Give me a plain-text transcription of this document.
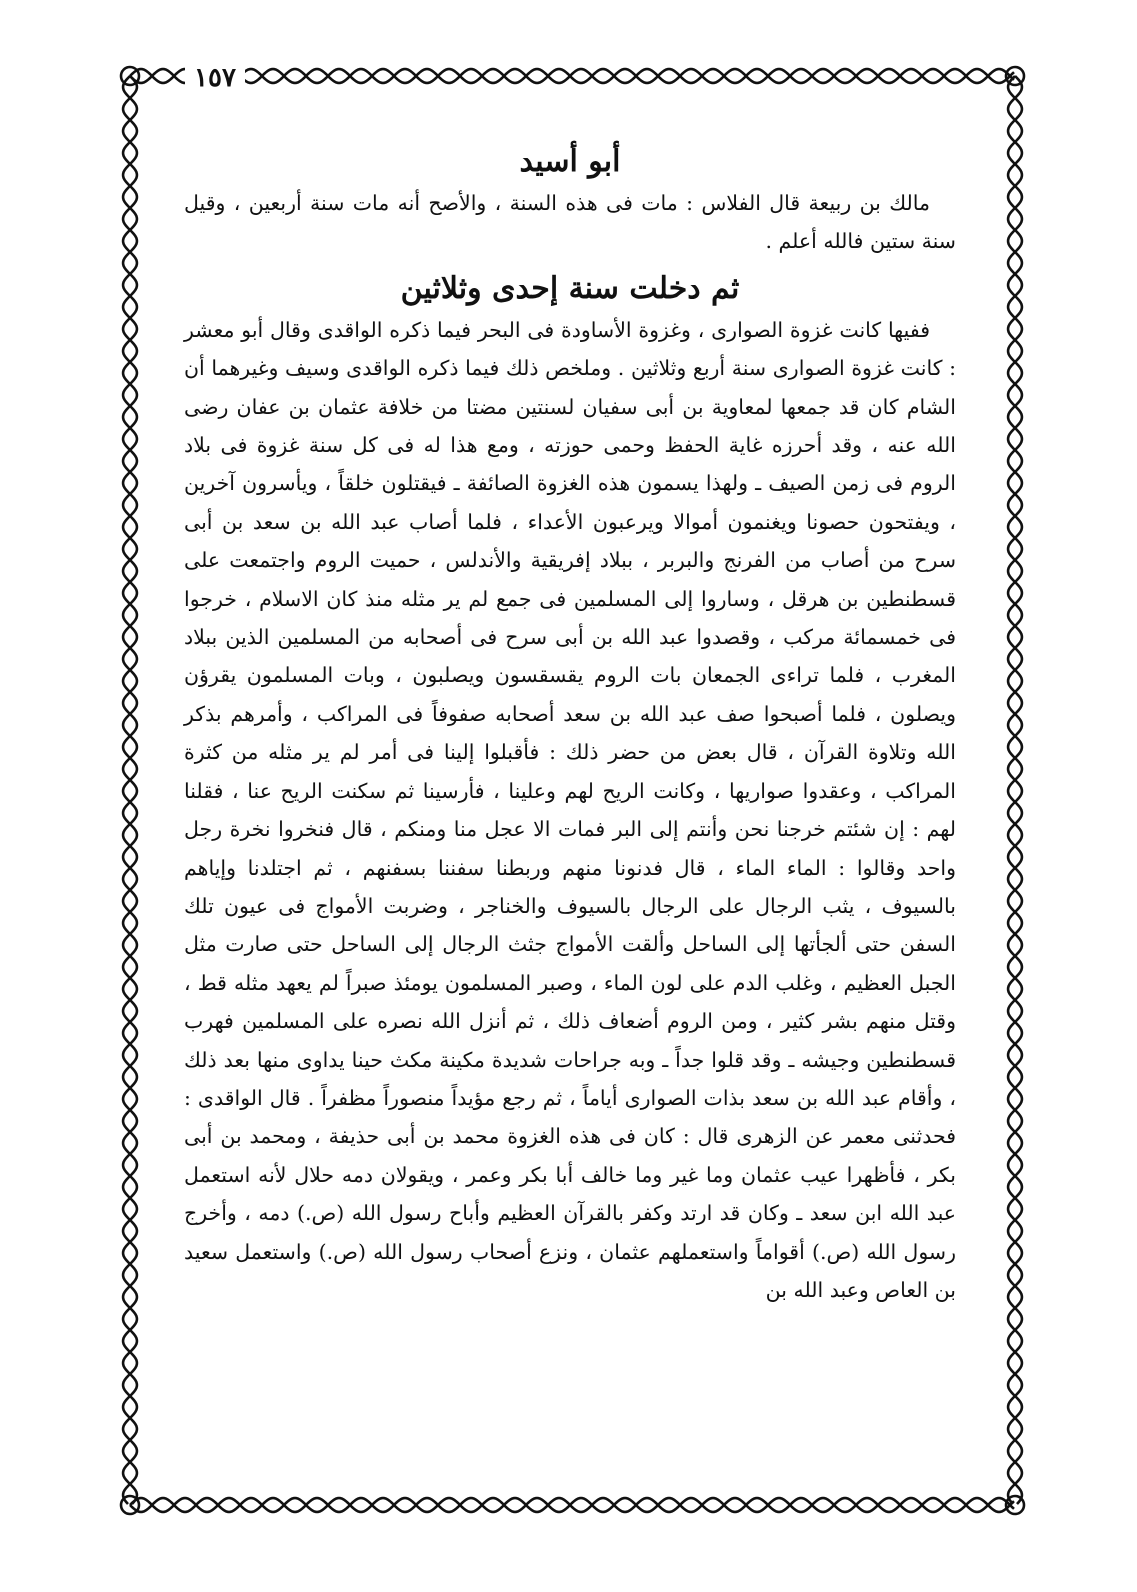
١٥٧
أبو أسيد

مالك بن ربيعة قال الفلاس : مات فى هذه السنة ، والأصح أنه مات سنة أربعين ، وقيل سنة ستين فالله أعلم .

ثم دخلت سنة إحدى وثلاثين

ففيها كانت غزوة الصوارى ، وغزوة الأساودة فى البحر فيما ذكره الواقدى وقال أبو معشر : كانت غزوة الصوارى سنة أربع وثلاثين . وملخص ذلك فيما ذكره الواقدى وسيف وغيرهما أن الشام كان قد جمعها لمعاوية بن أبى سفيان لسنتين مضتا من خلافة عثمان بن عفان رضى الله عنه ، وقد أحرزه غاية الحفظ وحمى حوزته ، ومع هذا له فى كل سنة غزوة فى بلاد الروم فى زمن الصيف ـ ولهذا يسمون هذه الغزوة الصائفة ـ فيقتلون خلقاً ، ويأسرون آخرين ، ويفتحون حصونا ويغنمون أموالا ويرعبون الأعداء ، فلما أصاب عبد الله بن سعد بن أبى سرح من أصاب من الفرنج والبربر ، ببلاد إفريقية والأندلس ، حميت الروم واجتمعت على قسطنطين بن هرقل ، وساروا إلى المسلمين فى جمع لم ير مثله منذ كان الاسلام ، خرجوا فى خمسمائة مركب ، وقصدوا عبد الله بن أبى سرح فى أصحابه من المسلمين الذين ببلاد المغرب ، فلما تراءى الجمعان بات الروم يقسقسون ويصلبون ، وبات المسلمون يقرؤن ويصلون ، فلما أصبحوا صف عبد الله بن سعد أصحابه صفوفاً فى المراكب ، وأمرهم بذكر الله وتلاوة القرآن ، قال بعض من حضر ذلك : فأقبلوا إلينا فى أمر لم ير مثله من كثرة المراكب ، وعقدوا صواريها ، وكانت الريح لهم وعلينا ، فأرسينا ثم سكنت الريح عنا ، فقلنا لهم : إن شئتم خرجنا نحن وأنتم إلى البر فمات الا عجل منا ومنكم ، قال فنخروا نخرة رجل واحد وقالوا : الماء الماء ، قال فدنونا منهم وربطنا سفننا بسفنهم ، ثم اجتلدنا وإياهم بالسيوف ، يثب الرجال على الرجال بالسيوف والخناجر ، وضربت الأمواج فى عيون تلك السفن حتى ألجأتها إلى الساحل وألقت الأمواج جثث الرجال إلى الساحل حتى صارت مثل الجبل العظيم ، وغلب الدم على لون الماء ، وصبر المسلمون يومئذ صبراً لم يعهد مثله قط ، وقتل منهم بشر كثير ، ومن الروم أضعاف ذلك ، ثم أنزل الله نصره على المسلمين فهرب قسطنطين وجيشه ـ وقد قلوا جداً ـ وبه جراحات شديدة مكينة مكث حينا يداوى منها بعد ذلك ، وأقام عبد الله بن سعد بذات الصوارى أياماً ، ثم رجع مؤيداً منصوراً مظفراً . قال الواقدى : فحدثنى معمر عن الزهرى قال : كان فى هذه الغزوة محمد بن أبى حذيفة ، ومحمد بن أبى بكر ، فأظهرا عيب عثمان وما غير وما خالف أبا بكر وعمر ، ويقولان دمه حلال لأنه استعمل عبد الله ابن سعد ـ وكان قد ارتد وكفر بالقرآن العظيم وأباح رسول الله (ص.) دمه ، وأخرج رسول الله (ص.) أقواماً واستعملهم عثمان ، ونزع أصحاب رسول الله (ص.) واستعمل سعيد بن العاص وعبد الله بن
